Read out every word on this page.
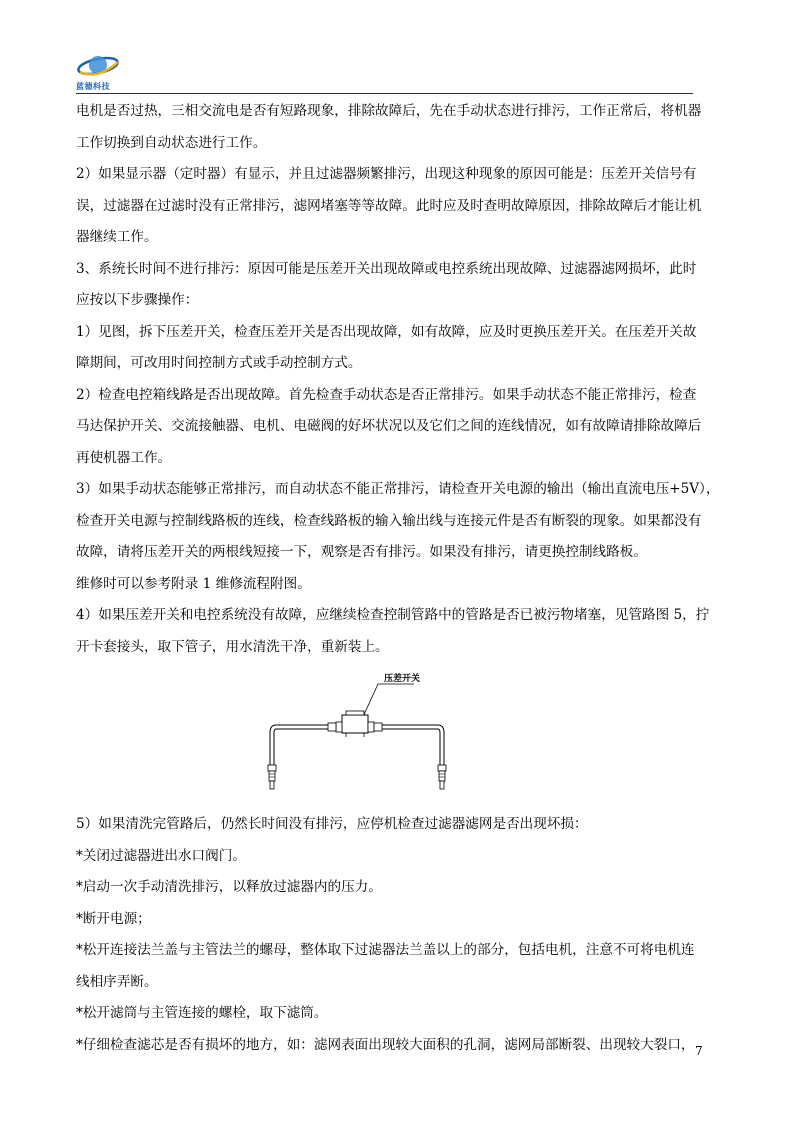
蓝德科技

电机是否过热，三相交流电是否有短路现象，排除故障后，先在手动状态进行排污，工作正常后，将机器

工作切换到自动状态进行工作。

2）如果显示器（定时器）有显示，并且过滤器频繁排污，出现这种现象的原因可能是：压差开关信号有

误，过滤器在过滤时没有正常排污，滤网堵塞等等故障。此时应及时查明故障原因，排除故障后才能让机

器继续工作。

3、系统长时间不进行排污：原因可能是压差开关出现故障或电控系统出现故障、过滤器滤网损坏，此时

应按以下步骤操作：

1）见图，拆下压差开关，检查压差开关是否出现故障，如有故障，应及时更换压差开关。在压差开关故

障期间，可改用时间控制方式或手动控制方式。

2）检查电控箱线路是否出现故障。首先检查手动状态是否正常排污。如果手动状态不能正常排污，检查

马达保护开关、交流接触器、电机、电磁阀的好坏状况以及它们之间的连线情况，如有故障请排除故障后

再使机器工作。

3）如果手动状态能够正常排污，而自动状态不能正常排污，请检查开关电源的输出（输出直流电压+5V），

检查开关电源与控制线路板的连线，检查线路板的输入输出线与连接元件是否有断裂的现象。如果都没有

故障，请将压差开关的两根线短接一下，观察是否有排污。如果没有排污，请更换控制线路板。

维修时可以参考附录 1 维修流程附图。

4）如果压差开关和电控系统没有故障，应继续检查控制管路中的管路是否已被污物堵塞，见管路图 5，拧

开卡套接头，取下管子，用水清洗干净，重新装上。

压差开关

5）如果清洗完管路后，仍然长时间没有排污，应停机检查过滤器滤网是否出现坏损：

*关闭过滤器进出水口阀门。

*启动一次手动清洗排污，以释放过滤器内的压力。

*断开电源；

*松开连接法兰盖与主管法兰的螺母，整体取下过滤器法兰盖以上的部分，包括电机，注意不可将电机连

线相序弄断。

*松开滤筒与主管连接的螺栓，取下滤筒。

*仔细检查滤芯是否有损坏的地方，如：滤网表面出现较大面积的孔洞，滤网局部断裂、出现较大裂口， 7
